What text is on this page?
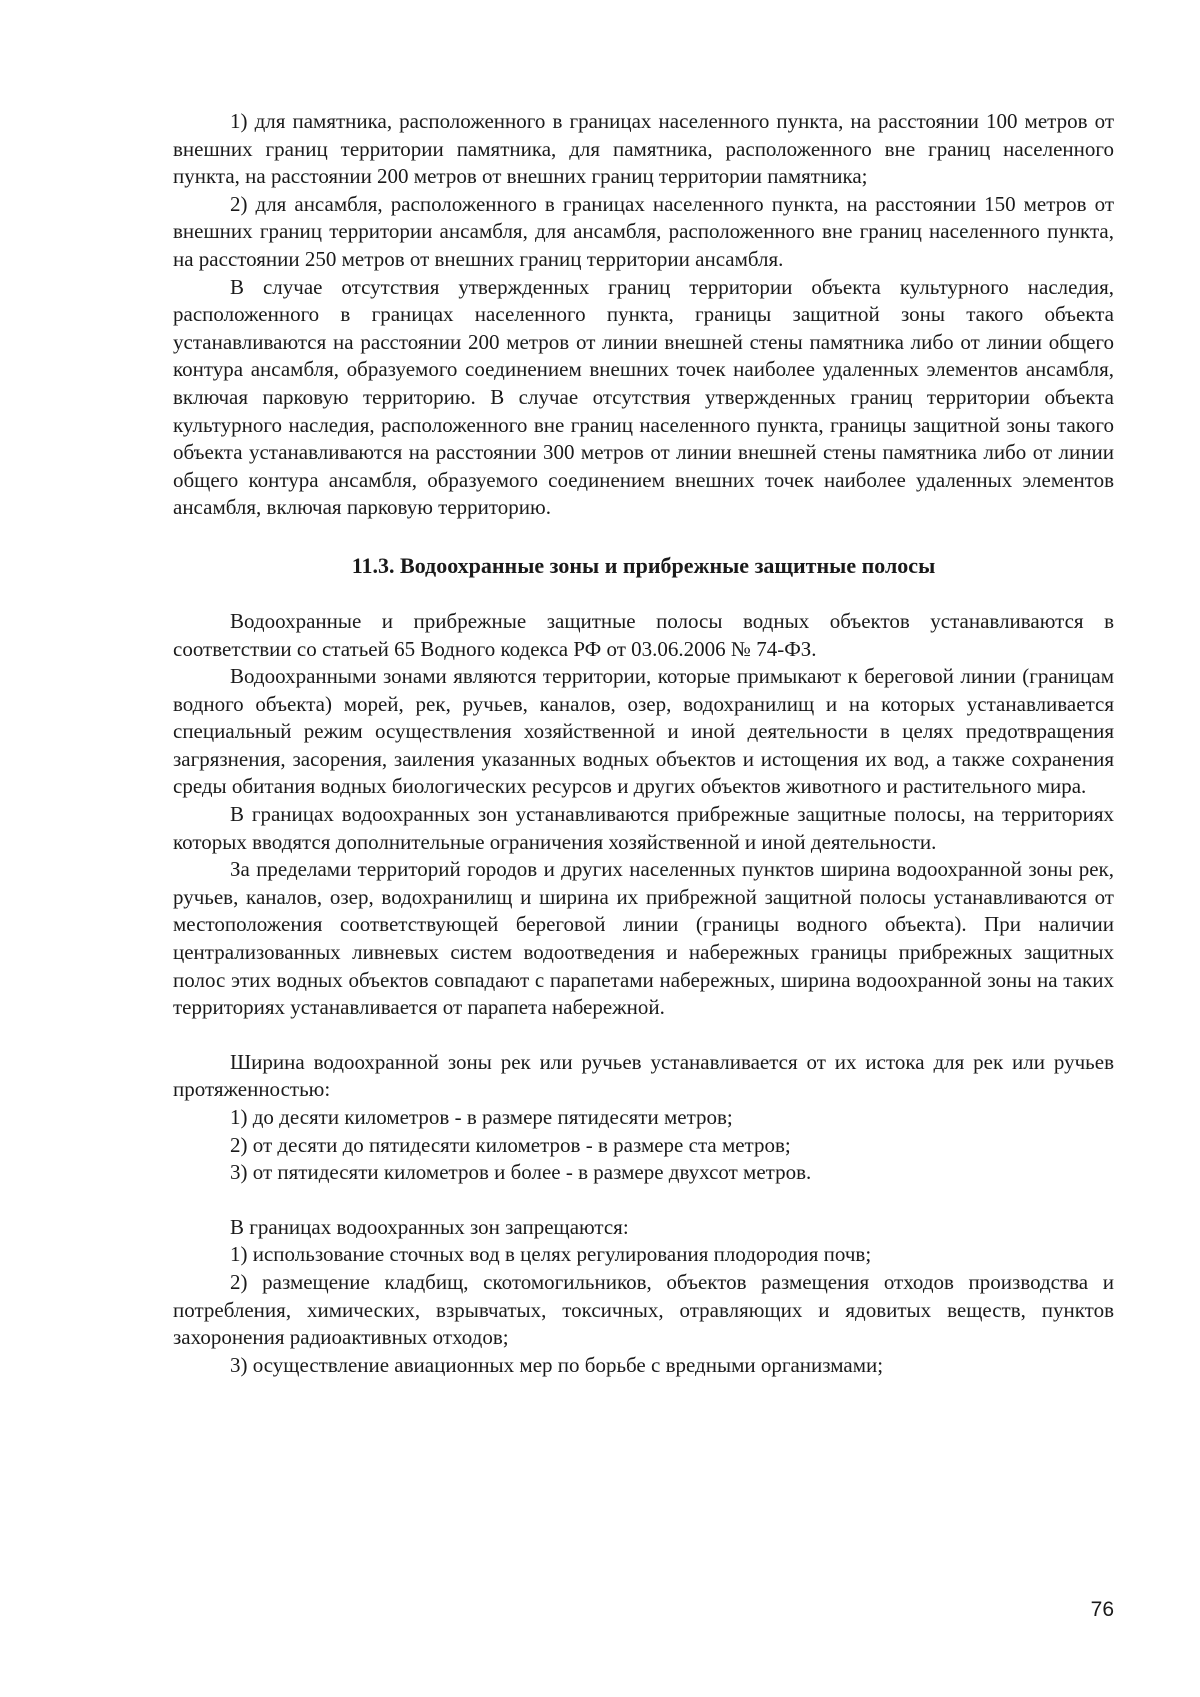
1) для памятника, расположенного в границах населенного пункта, на расстоянии 100 метров от внешних границ территории памятника, для памятника, расположенного вне границ населенного пункта, на расстоянии 200 метров от внешних границ территории памятника;

2) для ансамбля, расположенного в границах населенного пункта, на расстоянии 150 метров от внешних границ территории ансамбля, для ансамбля, расположенного вне границ населенного пункта, на расстоянии 250 метров от внешних границ территории ансамбля.

В случае отсутствия утвержденных границ территории объекта культурного наследия, расположенного в границах населенного пункта, границы защитной зоны такого объекта устанавливаются на расстоянии 200 метров от линии внешней стены памятника либо от линии общего контура ансамбля, образуемого соединением внешних точек наиболее удаленных элементов ансамбля, включая парковую территорию. В случае отсутствия утвержденных границ территории объекта культурного наследия, расположенного вне границ населенного пункта, границы защитной зоны такого объекта устанавливаются на расстоянии 300 метров от линии внешней стены памятника либо от линии общего контура ансамбля, образуемого соединением внешних точек наиболее удаленных элементов ансамбля, включая парковую территорию.

11.3. Водоохранные зоны и прибрежные защитные полосы

Водоохранные и прибрежные защитные полосы водных объектов устанавливаются в соответствии со статьей 65 Водного кодекса РФ от 03.06.2006 № 74-ФЗ.

Водоохранными зонами являются территории, которые примыкают к береговой линии (границам водного объекта) морей, рек, ручьев, каналов, озер, водохранилищ и на которых устанавливается специальный режим осуществления хозяйственной и иной деятельности в целях предотвращения загрязнения, засорения, заиления указанных водных объектов и истощения их вод, а также сохранения среды обитания водных биологических ресурсов и других объектов животного и растительного мира.

В границах водоохранных зон устанавливаются прибрежные защитные полосы, на территориях которых вводятся дополнительные ограничения хозяйственной и иной деятельности.

За пределами территорий городов и других населенных пунктов ширина водоохранной зоны рек, ручьев, каналов, озер, водохранилищ и ширина их прибрежной защитной полосы устанавливаются от местоположения соответствующей береговой линии (границы водного объекта). При наличии централизованных ливневых систем водоотведения и набережных границы прибрежных защитных полос этих водных объектов совпадают с парапетами набережных, ширина водоохранной зоны на таких территориях устанавливается от парапета набережной.

Ширина водоохранной зоны рек или ручьев устанавливается от их истока для рек или ручьев протяженностью:

1) до десяти километров - в размере пятидесяти метров;

2) от десяти до пятидесяти километров - в размере ста метров;

3) от пятидесяти километров и более - в размере двухсот метров.

В границах водоохранных зон запрещаются:

1) использование сточных вод в целях регулирования плодородия почв;

2) размещение кладбищ, скотомогильников, объектов размещения отходов производства и потребления, химических, взрывчатых, токсичных, отравляющих и ядовитых веществ, пунктов захоронения радиоактивных отходов;

3) осуществление авиационных мер по борьбе с вредными организмами;

76
